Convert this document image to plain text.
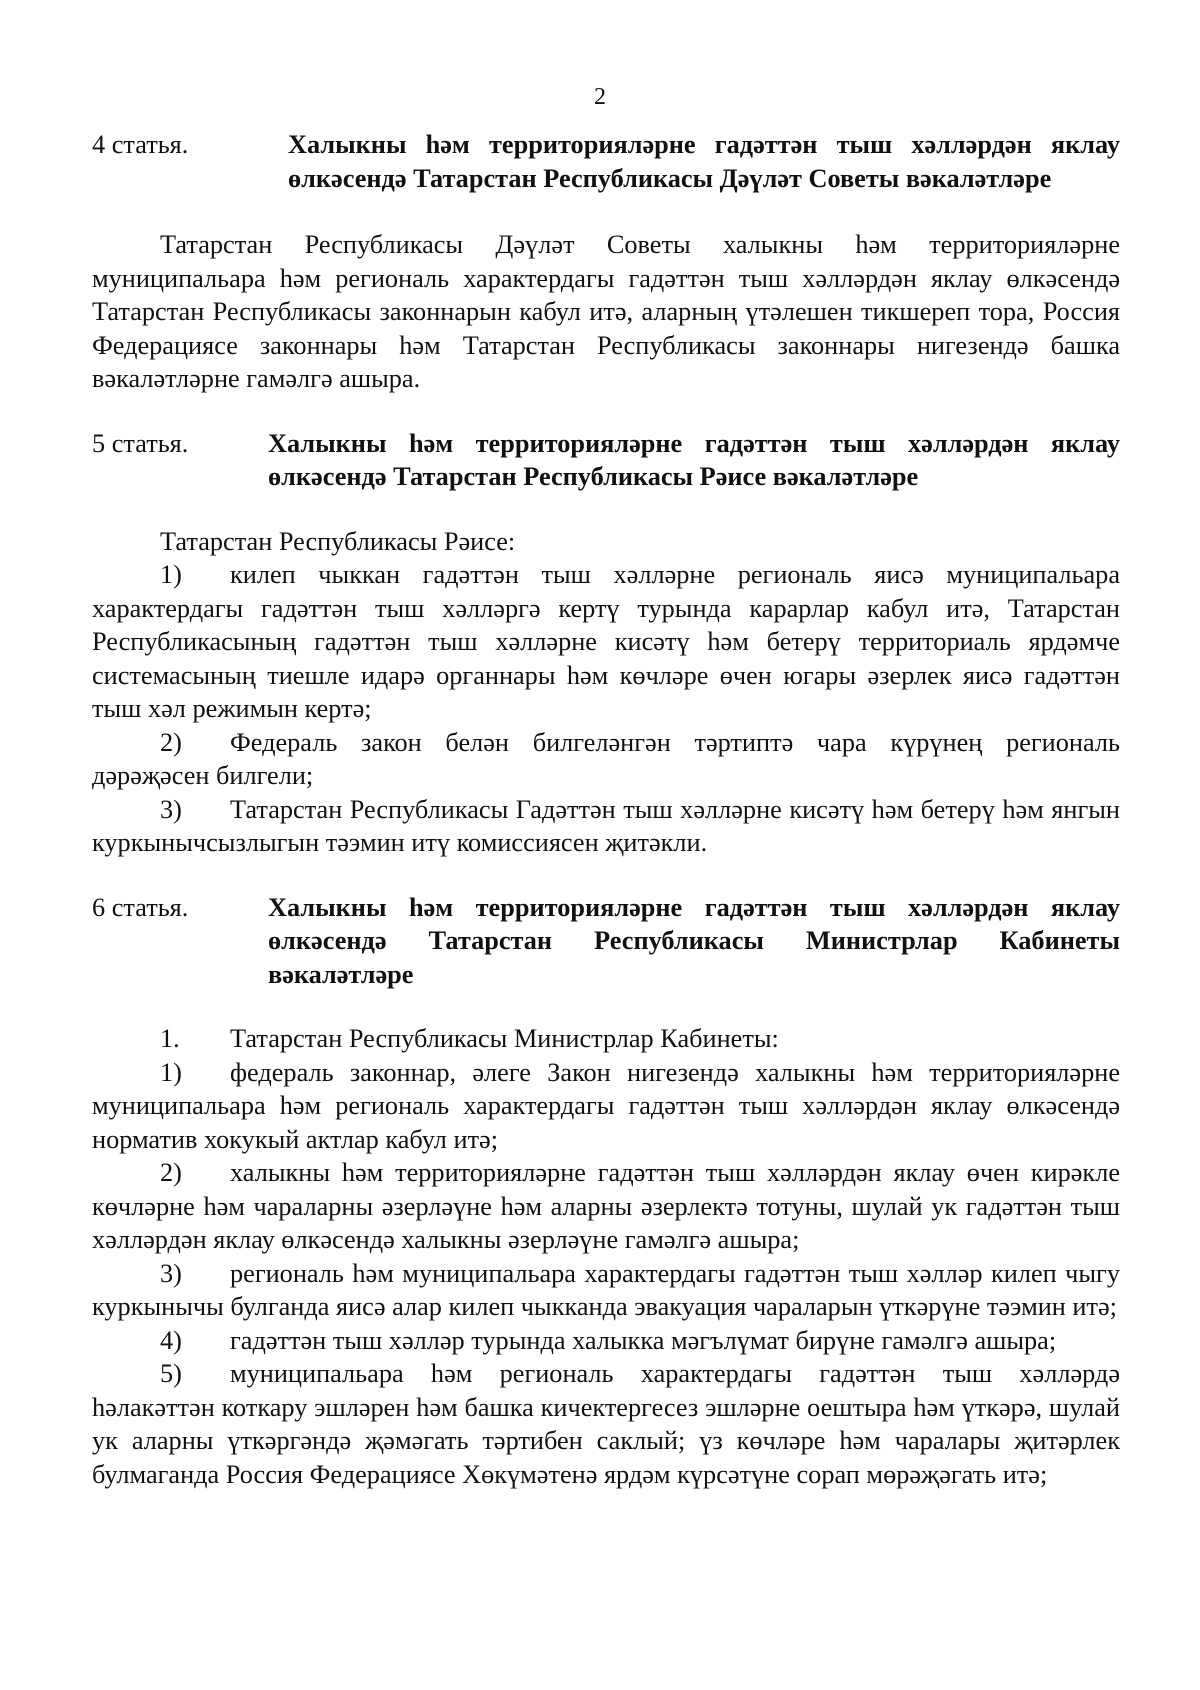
2
4 статья.	Халыкны һәм территорияләрне гадәттән тыш хәлләрдән яклау өлкәсендә Татарстан Республикасы Дәүләт Советы вәкаләтләре

Татарстан Республикасы Дәүләт Советы халыкны һәм территорияләрне муниципальара һәм региональ характердагы гадәттән тыш хәлләрдән яклау өлкәсендә Татарстан Республикасы законнарын кабул итә, аларның үтәлешен тикшереп тора, Россия Федерациясе законнары һәм Татарстан Республикасы законнары нигезендә башка вәкаләтләрне гамәлгә ашыра.

5 статья.	Халыкны һәм территорияләрне гадәттән тыш хәлләрдән яклау өлкәсендә Татарстан Республикасы Рәисе вәкаләтләре

Татарстан Республикасы Рәисе:

1) килеп чыккан гадәттән тыш хәлләрне региональ яисә муниципальара характердагы гадәттән тыш хәлләргә кертү турында карарлар кабул итә, Татарстан Республикасының гадәттән тыш хәлләрне кисәтү һәм бетерү территориаль ярдәмче системасының тиешле идарә органнары һәм көчләре өчен югары әзерлек яисә гадәттән тыш хәл режимын кертә;

2) Федераль закон белән билгеләнгән тәртиптә чара күрүнең региональ дәрәҗәсен билгели;

3) Татарстан Республикасы Гадәттән тыш хәлләрне кисәтү һәм бетерү һәм янгын куркынычсызлыгын тәэмин итү комиссиясен җитәкли.

6 статья.	Халыкны һәм территорияләрне гадәттән тыш хәлләрдән яклау өлкәсендә Татарстан Республикасы Министрлар Кабинеты вәкаләтләре

1. Татарстан Республикасы Министрлар Кабинеты:

1) федераль законнар, әлеге Закон нигезендә халыкны һәм территорияләрне муниципальара һәм региональ характердагы гадәттән тыш хәлләрдән яклау өлкәсендә норматив хокукый актлар кабул итә;

2) халыкны һәм территорияләрне гадәттән тыш хәлләрдән яклау өчен кирәкле көчләрне һәм чараларны әзерләүне һәм аларны әзерлектә тотуны, шулай ук гадәттән тыш хәлләрдән яклау өлкәсендә халыкны әзерләүне гамәлгә ашыра;

3) региональ һәм муниципальара характердагы гадәттән тыш хәлләр килеп чыгу куркынычы булганда яисә алар килеп чыкканда эвакуация чараларын үткәрүне тәэмин итә;

4) гадәттән тыш хәлләр турында халыкка мәгълүмат бирүне гамәлгә ашыра;

5) муниципальара һәм региональ характердагы гадәттән тыш хәлләрдә һәлакәттән коткару эшләрен һәм башка кичектергесез эшләрне оештыра һәм үткәрә, шулай ук аларны үткәргәндә җәмәгать тәртибен саклый; үз көчләре һәм чаралары җитәрлек булмаганда Россия Федерациясе Хөкүмәтенә ярдәм күрсәтүне сорап мөрәҗәгать итә;
